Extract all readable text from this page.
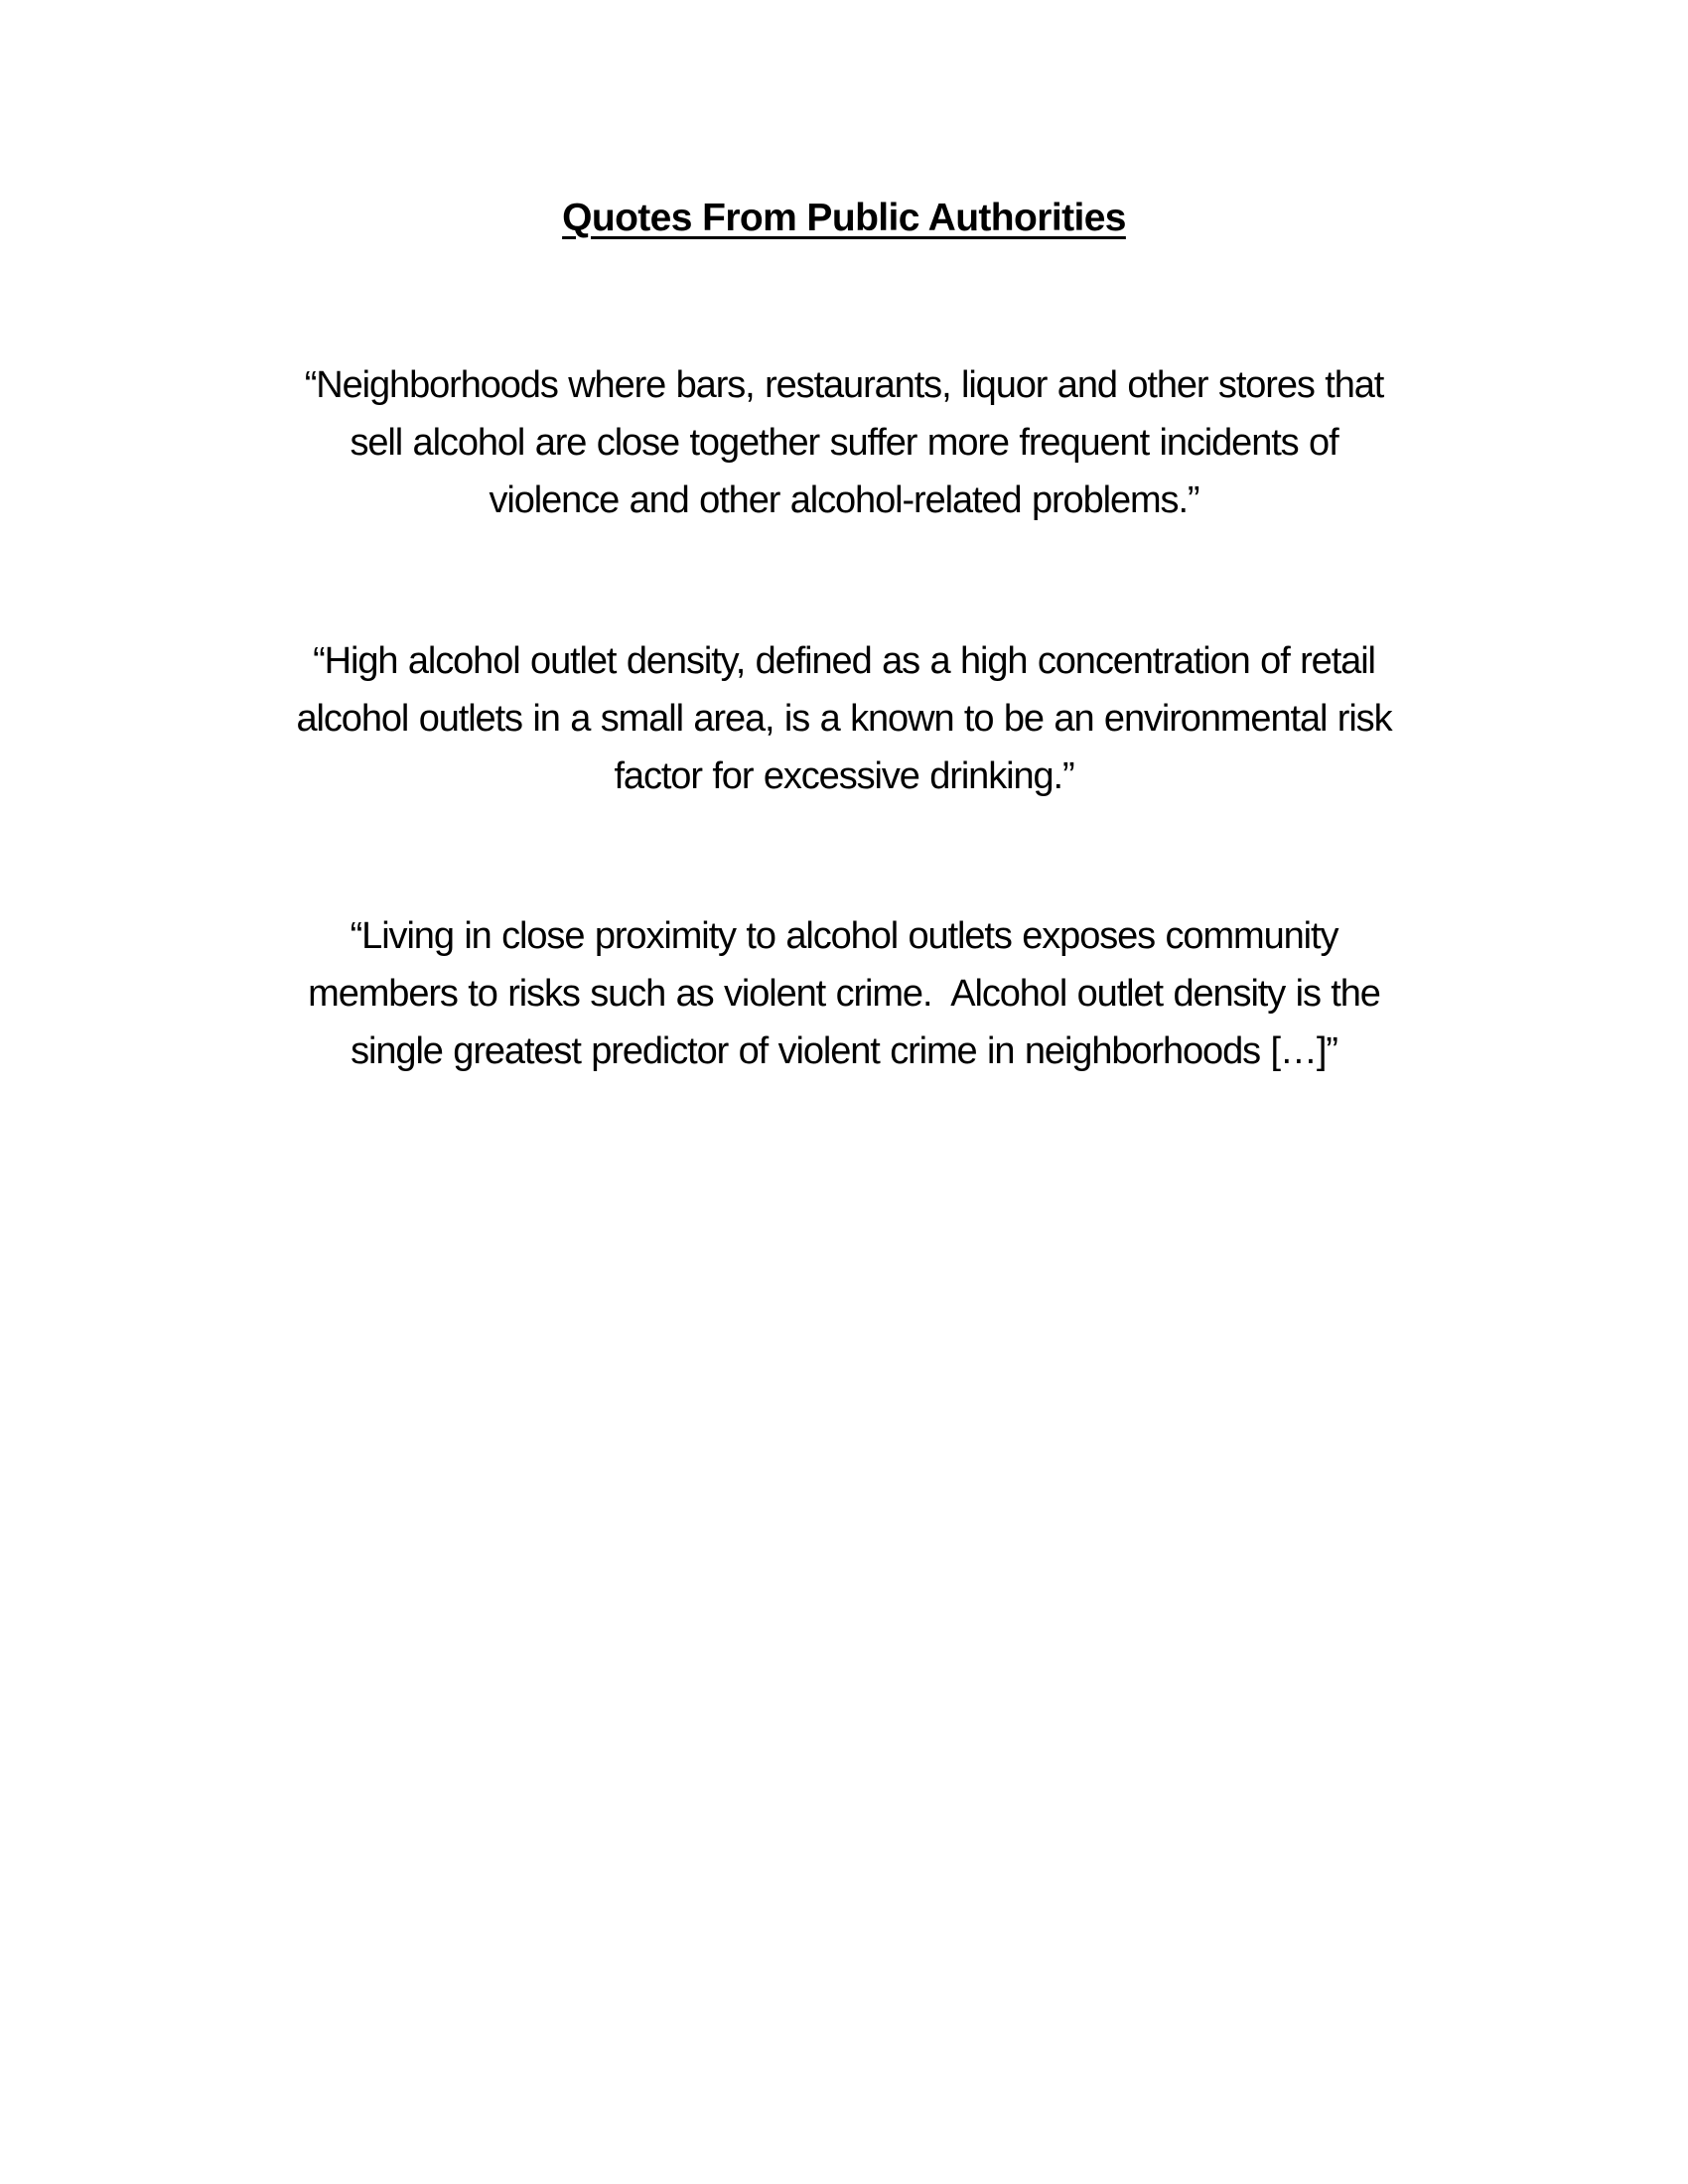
Quotes From Public Authorities
“Neighborhoods where bars, restaurants, liquor and other stores that
sell alcohol are close together suffer more frequent incidents of
violence and other alcohol-related problems.”
“High alcohol outlet density, defined as a high concentration of retail
alcohol outlets in a small area, is a known to be an environmental risk
factor for excessive drinking.”
“Living in close proximity to alcohol outlets exposes community
members to risks such as violent crime.  Alcohol outlet density is the
single greatest predictor of violent crime in neighborhoods […]”
